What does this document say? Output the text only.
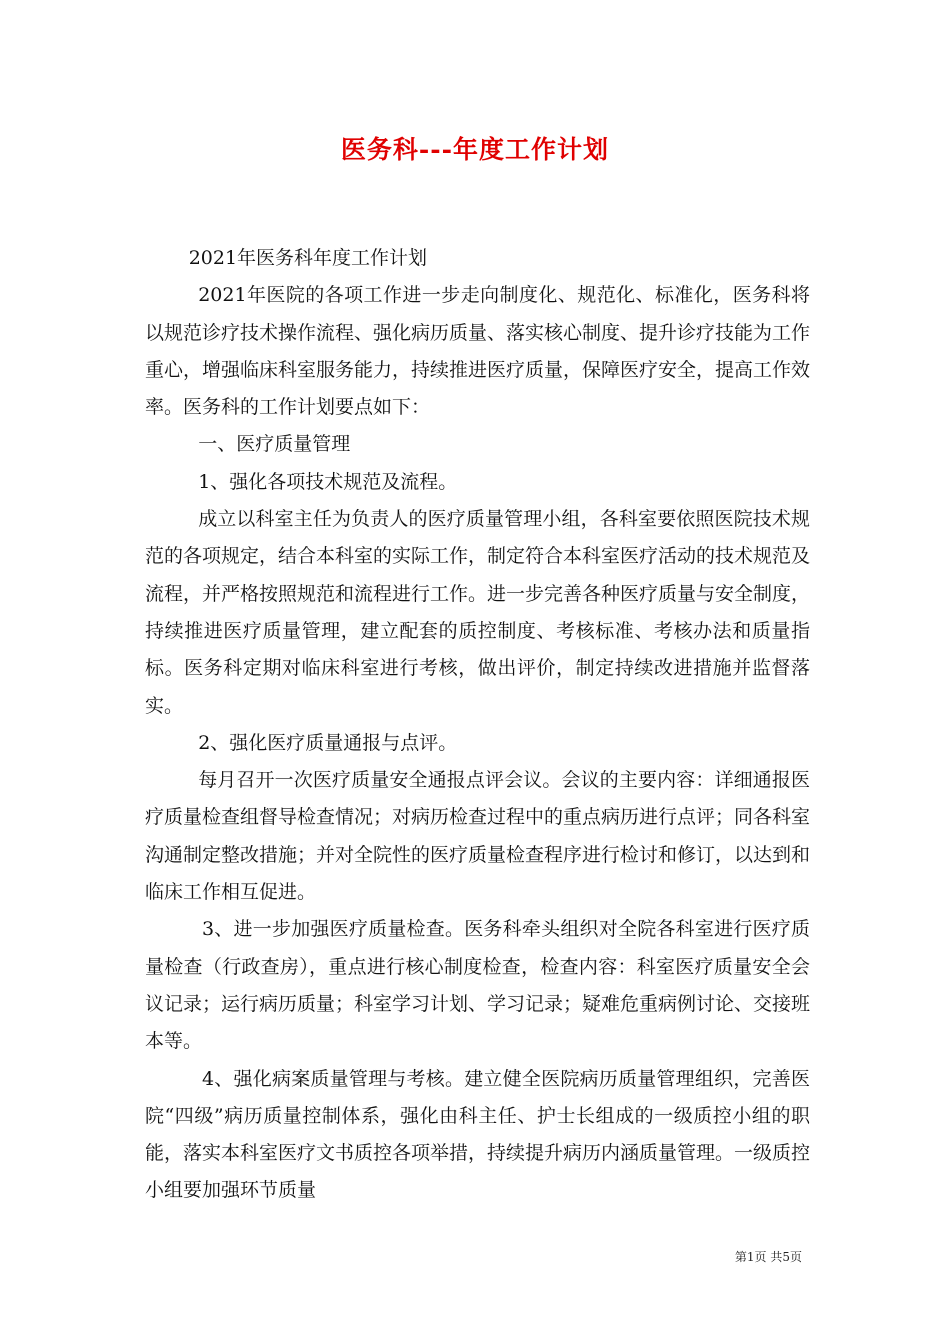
医务科---年度工作计划

2021年医务科年度工作计划

2021年医院的各项工作进一步走向制度化、规范化、标准化，医务科将以规范诊疗技术操作流程、强化病历质量、落实核心制度、提升诊疗技能为工作重心，增强临床科室服务能力，持续推进医疗质量，保障医疗安全，提高工作效率。医务科的工作计划要点如下：

一、医疗质量管理

1、强化各项技术规范及流程。

成立以科室主任为负责人的医疗质量管理小组，各科室要依照医院技术规范的各项规定，结合本科室的实际工作，制定符合本科室医疗活动的技术规范及流程，并严格按照规范和流程进行工作。进一步完善各种医疗质量与安全制度，持续推进医疗质量管理，建立配套的质控制度、考核标准、考核办法和质量指标。医务科定期对临床科室进行考核，做出评价，制定持续改进措施并监督落实。

2、强化医疗质量通报与点评。

每月召开一次医疗质量安全通报点评会议。会议的主要内容：详细通报医疗质量检查组督导检查情况；对病历检查过程中的重点病历进行点评；同各科室沟通制定整改措施；并对全院性的医疗质量检查程序进行检讨和修订，以达到和临床工作相互促进。

3、进一步加强医疗质量检查。医务科牵头组织对全院各科室进行医疗质量检查（行政查房），重点进行核心制度检查，检查内容：科室医疗质量安全会议记录；运行病历质量；科室学习计划、学习记录；疑难危重病例讨论、交接班本等。

4、强化病案质量管理与考核。建立健全医院病历质量管理组织，完善医院“四级”病历质量控制体系，强化由科主任、护士长组成的一级质控小组的职能，落实本科室医疗文书质控各项举措，持续提升病历内涵质量管理。一级质控小组要加强环节质量

第1页 共5页
